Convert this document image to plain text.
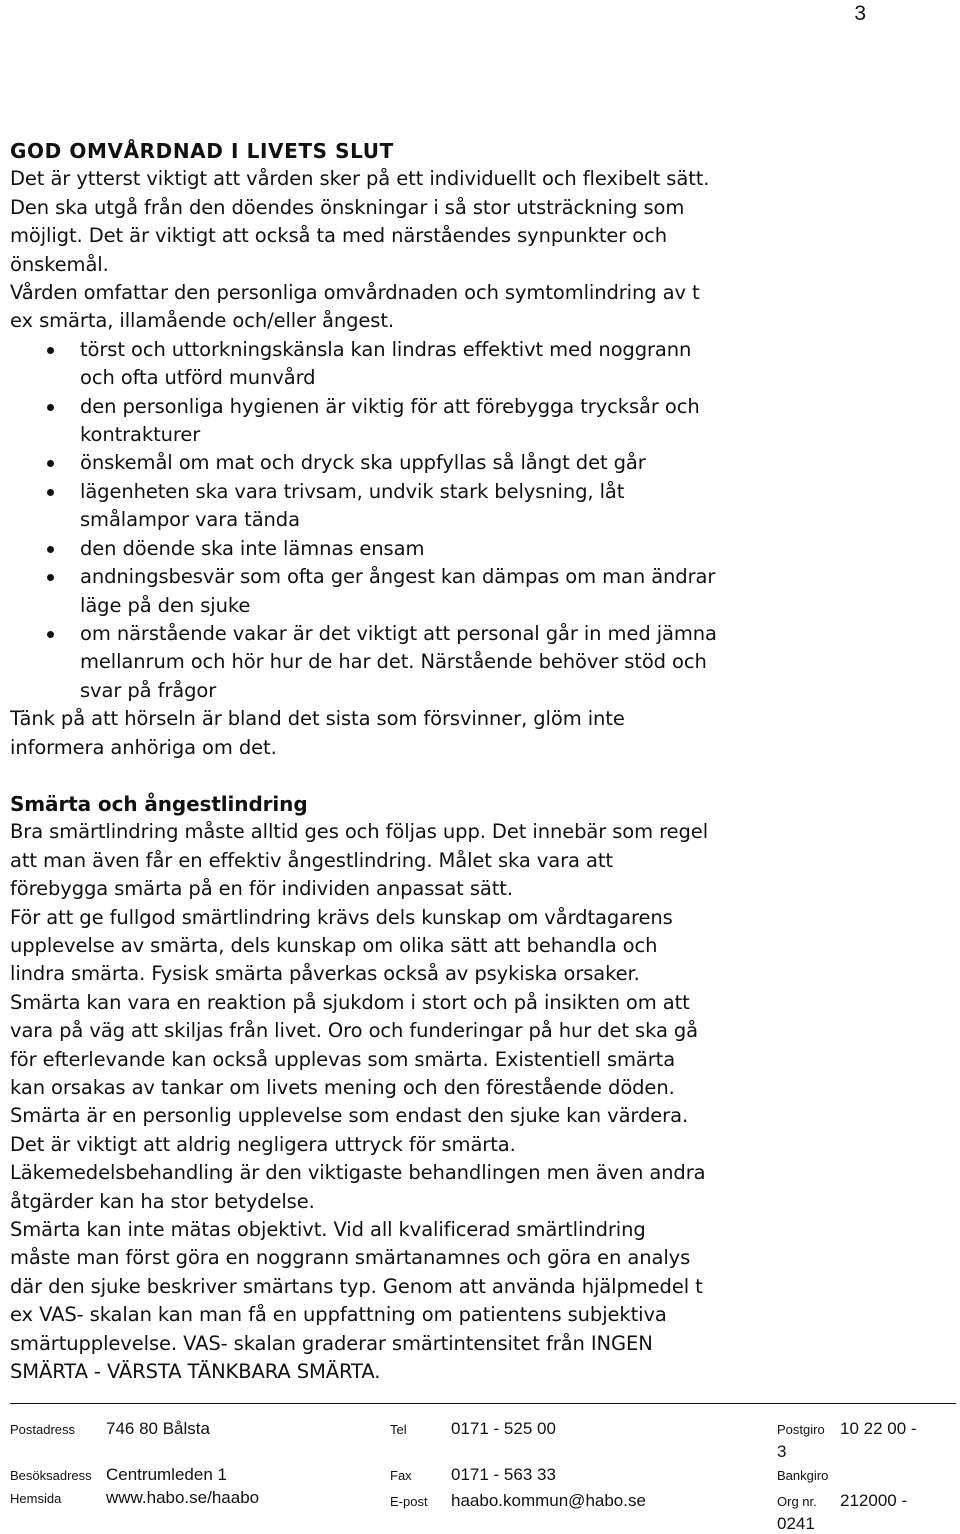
3
GOD OMVÅRDNAD I LIVETS SLUT

Det är ytterst viktigt att vården sker på ett individuellt och flexibelt sätt.

Den ska utgå från den döendes önskningar i så stor utsträckning som

möjligt. Det är viktigt att också ta med närståendes synpunkter och

önskemål.

Vården omfattar den personliga omvårdnaden och symtomlindring av t

ex smärta, illamående och/eller ångest.

törst och uttorkningskänsla kan lindras effektivt med noggrann
och ofta utförd munvård
den personliga hygienen är viktig för att förebygga trycksår och
kontrakturer
önskemål om mat och dryck ska uppfyllas så långt det går
lägenheten ska vara trivsam, undvik stark belysning, låt
smålampor vara tända
den döende ska inte lämnas ensam
andningsbesvär som ofta ger ångest kan dämpas om man ändrar
läge på den sjuke
om närstående vakar är det viktigt att personal går in med jämna
mellanrum och hör hur de har det. Närstående behöver stöd och
svar på frågor

Tänk på att hörseln är bland det sista som försvinner, glöm inte

informera anhöriga om det.

Smärta och ångestlindring

Bra smärtlindring måste alltid ges och följas upp. Det innebär som regel

att man även får en effektiv ångestlindring. Målet ska vara att

förebygga smärta på en för individen anpassat sätt.

För att ge fullgod smärtlindring krävs dels kunskap om vårdtagarens

upplevelse av smärta, dels kunskap om olika sätt att behandla och

lindra smärta. Fysisk smärta påverkas också av psykiska orsaker.

Smärta kan vara en reaktion på sjukdom i stort och på insikten om att

vara på väg att skiljas från livet. Oro och funderingar på hur det ska gå

för efterlevande kan också upplevas som smärta. Existentiell smärta

kan orsakas av tankar om livets mening och den förestående döden.

Smärta är en personlig upplevelse som endast den sjuke kan värdera.

Det är viktigt att aldrig negligera uttryck för smärta.

Läkemedelsbehandling är den viktigaste behandlingen men även andra

åtgärder kan ha stor betydelse.

Smärta kan inte mätas objektivt. Vid all kvalificerad smärtlindring

måste man först göra en noggrann smärtanamnes och göra en analys

där den sjuke beskriver smärtans typ. Genom att använda hjälpmedel t

ex VAS- skalan kan man få en uppfattning om patientens subjektiva

smärtupplevelse. VAS- skalan graderar smärtintensitet från INGEN

SMÄRTA - VÄRSTA TÄNKBARA SMÄRTA.

Postadress 746 80 Bålsta	Tel	0171 - 525 00	Postgiro 10 22 00 -
3
Besöksadress Centrumleden 1	Fax 0171 - 563 33	Bankgiro
Hemsida	www.habo.se/haabo	E-post haabo.kommun@habo.se	Org nr. 212000 -
0241
